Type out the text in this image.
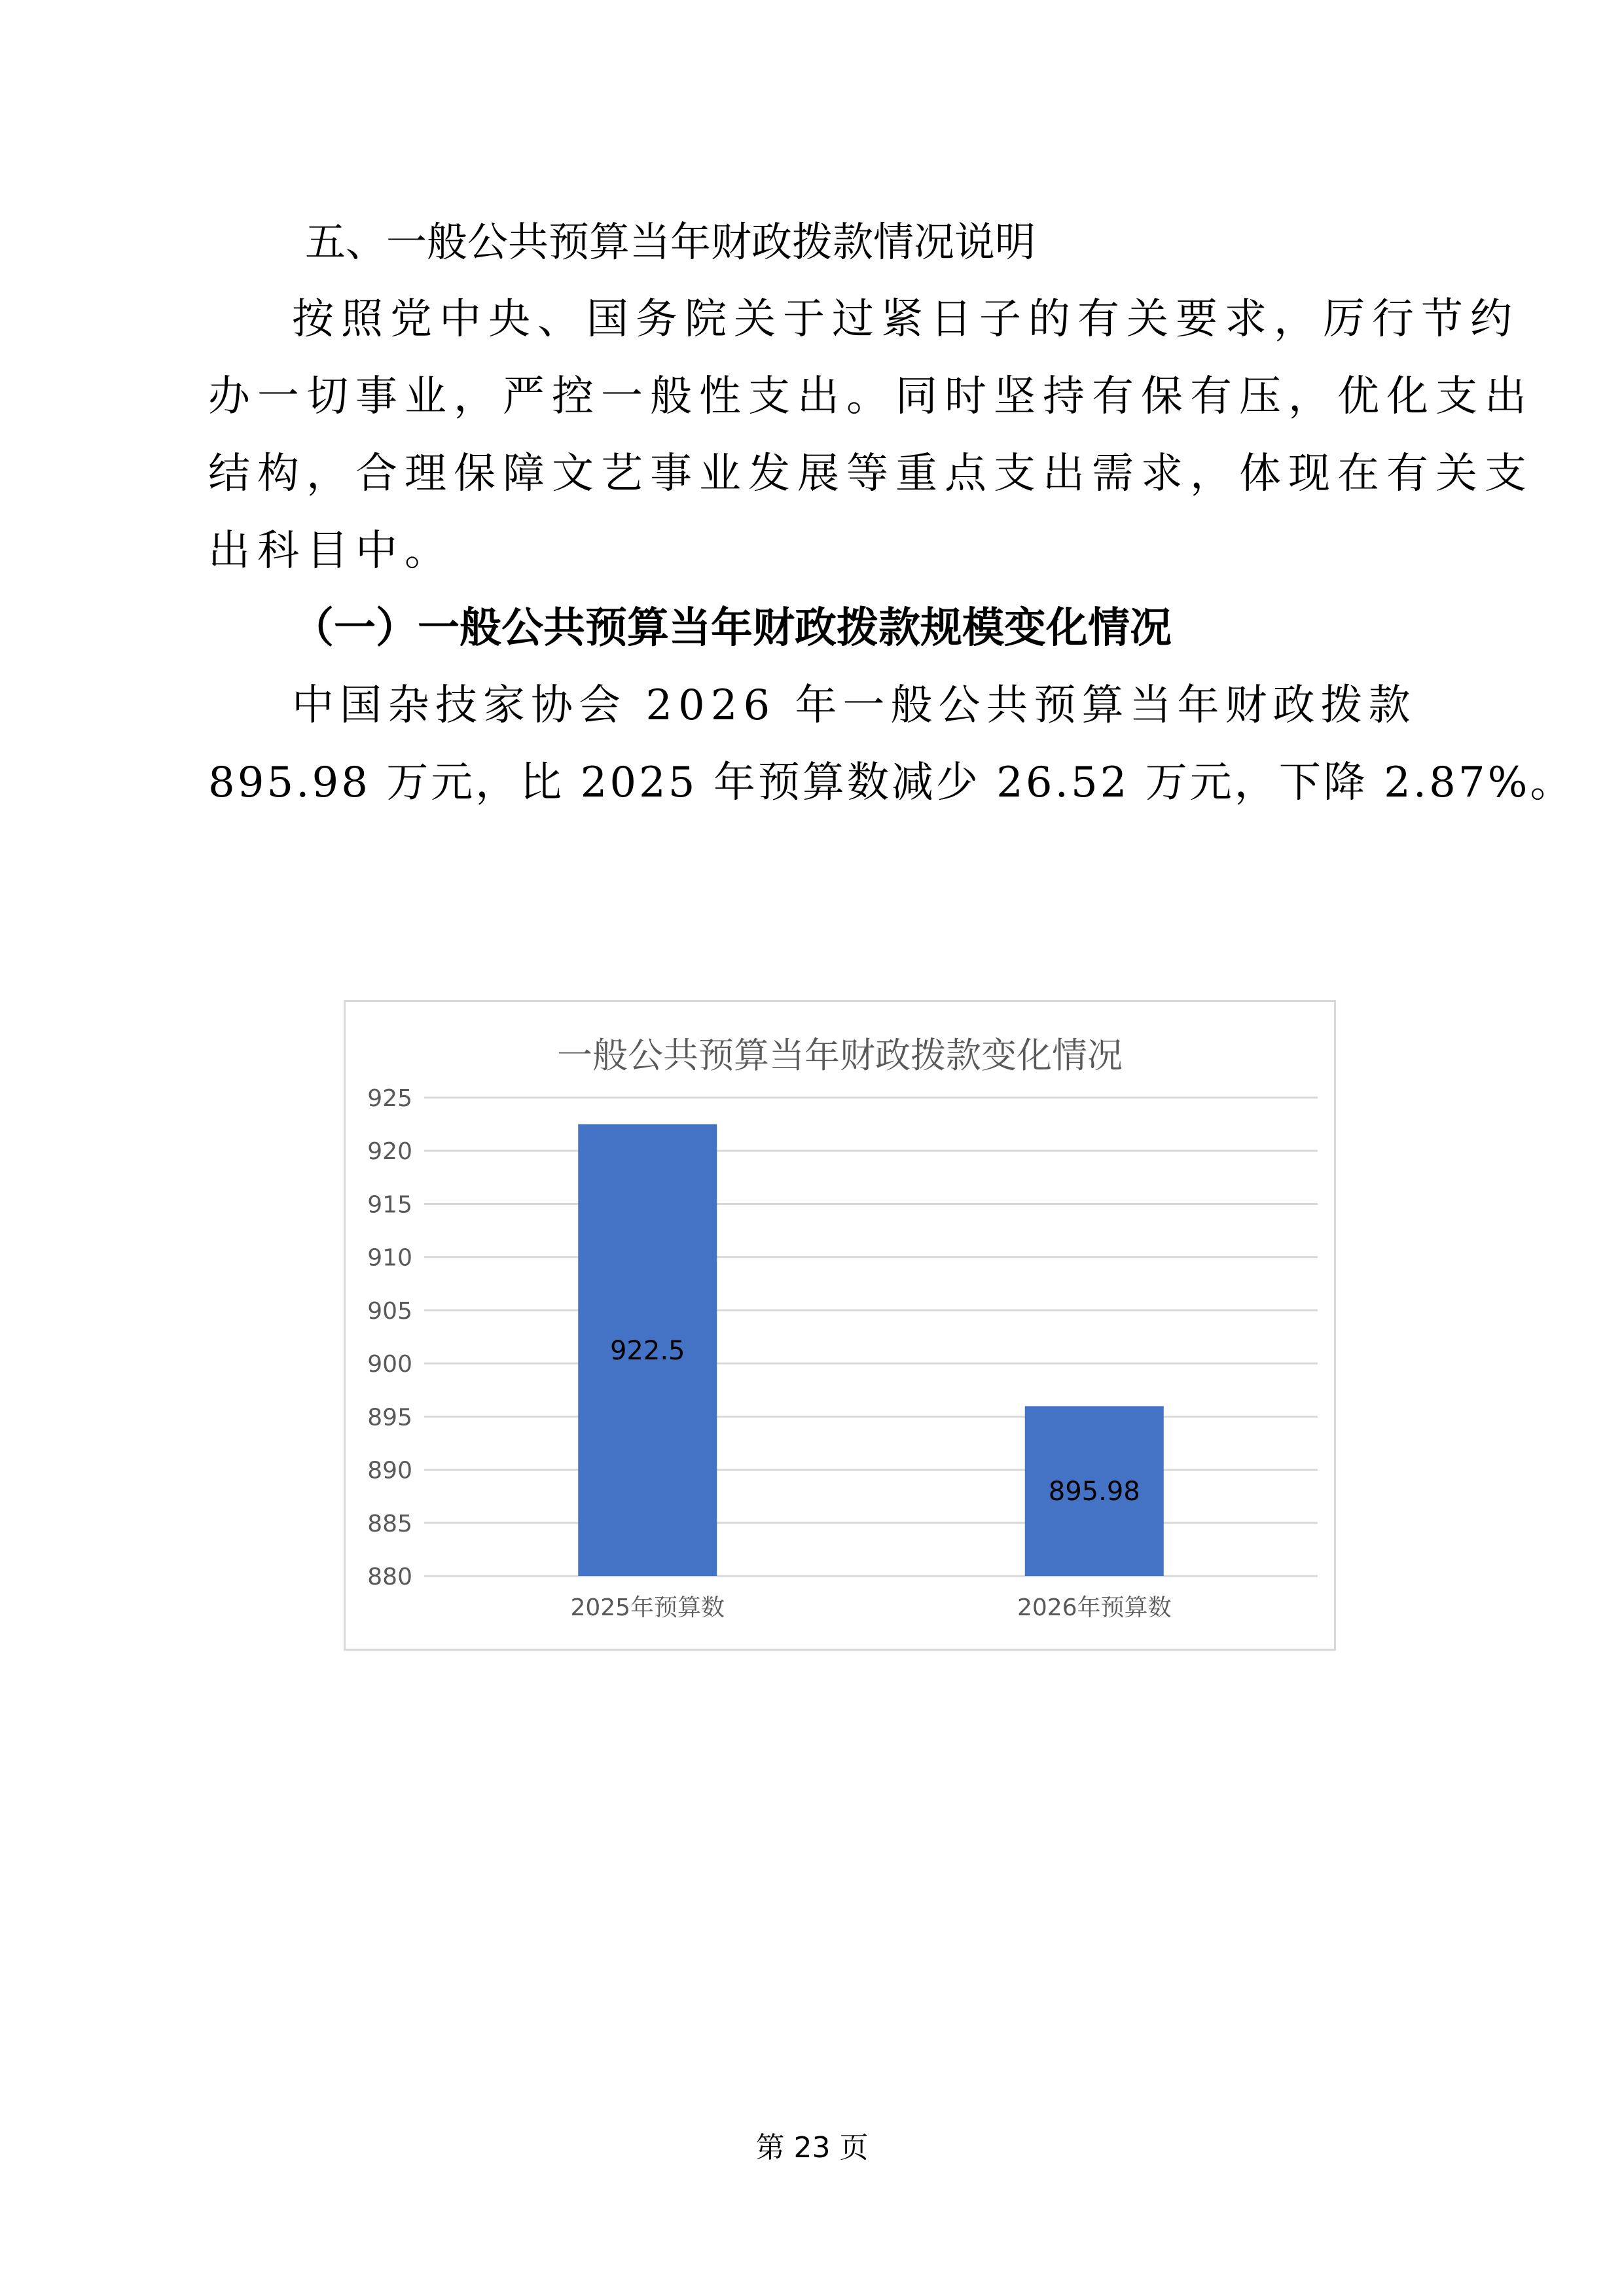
五、一般公共预算当年财政拨款情况说明
按照党中央、国务院关于过紧日子的有关要求，厉行节约
办一切事业，严控一般性支出。同时坚持有保有压，优化支出
结构，合理保障文艺事业发展等重点支出需求，体现在有关支
出科目中。
（一）一般公共预算当年财政拨款规模变化情况
中国杂技家协会 2026 年一般公共预算当年财政拨款
895.98 万元，比 2025 年预算数减少 26.52 万元，下降 2.87%。
一般公共预算当年财政拨款变化情况
880
885
890
895
900
905
910
915
920
925
922.5
895.98
2025年预算数	2026年预算数
第 23 页
